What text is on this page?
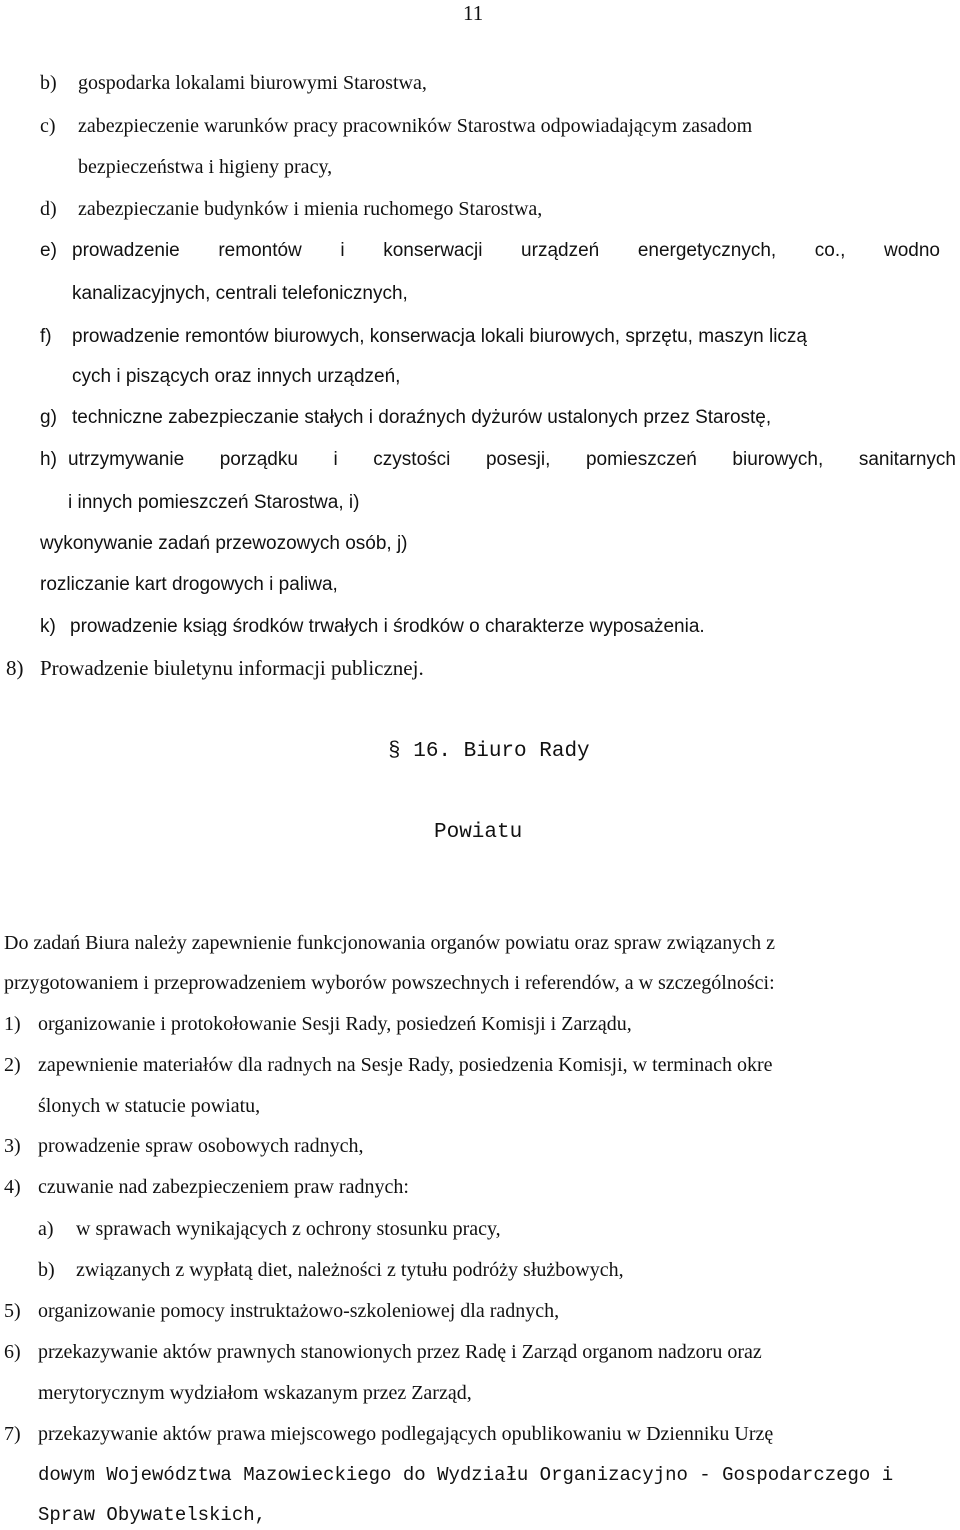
11
b) gospodarka lokalami biurowymi Starostwa,
c) zabezpieczenie warunków pracy pracowników Starostwa odpowiadającym zasadom
bezpieczeństwa i higieny pracy,
d) zabezpieczanie budynków i mienia ruchomego Starostwa,
e) prowadzenie remontów i konserwacji urządzeń energetycznych, co., wodno
kanalizacyjnych, centrali telefonicznych,
f) prowadzenie remontów biurowych, konserwacja lokali biurowych, sprzętu, maszyn liczą
cych i piszących oraz innych urządzeń,
g) techniczne zabezpieczanie stałych i doraźnych dyżurów ustalonych przez Starostę,
h) utrzymywanie porządku i czystości posesji, pomieszczeń biurowych, sanitarnych
i innych pomieszczeń Starostwa, i)
wykonywanie zadań przewozowych osób, j)
rozliczanie kart drogowych i paliwa,
k) prowadzenie ksiąg środków trwałych i środków o charakterze wyposażenia.
8) Prowadzenie biuletynu informacji publicznej.
§ 16. Biuro Rady
Powiatu
Do zadań Biura należy zapewnienie funkcjonowania organów powiatu oraz spraw związanych z
przygotowaniem i przeprowadzeniem wyborów powszechnych i referendów, a w szczególności:
1) organizowanie i protokołowanie Sesji Rady, posiedzeń Komisji i Zarządu,
2) zapewnienie materiałów dla radnych na Sesje Rady, posiedzenia Komisji, w terminach okre
ślonych w statucie powiatu,
3) prowadzenie spraw osobowych radnych,
4) czuwanie nad zabezpieczeniem praw radnych:
a) w sprawach wynikających z ochrony stosunku pracy,
b) związanych z wypłatą diet, należności z tytułu podróży służbowych,
5) organizowanie pomocy instruktażowo-szkoleniowej dla radnych,
6) przekazywanie aktów prawnych stanowionych przez Radę i Zarząd organom nadzoru oraz
merytorycznym wydziałom wskazanym przez Zarząd,
7) przekazywanie aktów prawa miejscowego podlegających opublikowaniu w Dzienniku Urzę
dowym Województwa Mazowieckiego do Wydziału Organizacyjno - Gospodarczego i
Spraw Obywatelskich,
